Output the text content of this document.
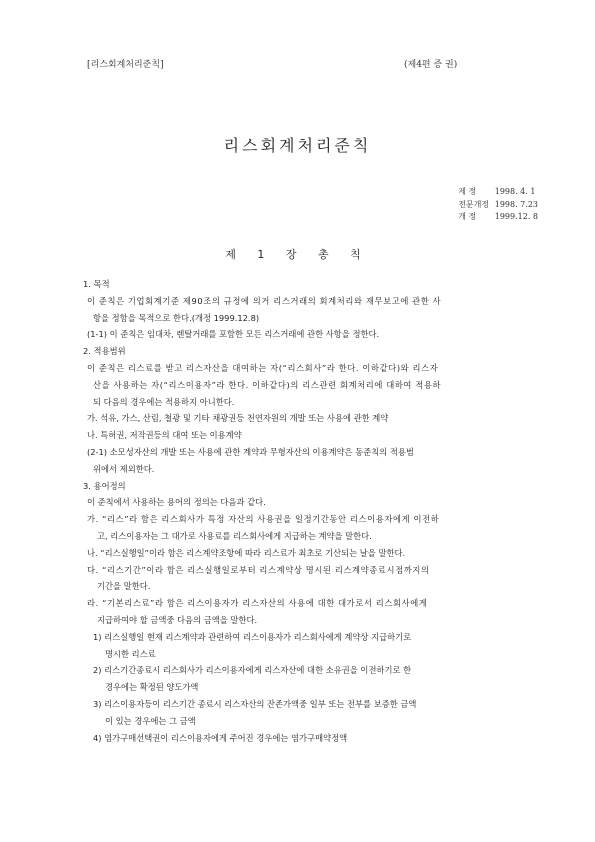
[리스회계처리준칙]	(제4편 증 권)
리스회계처리준칙
제 정 1998. 4. 1
전문개정 1998. 7.23
개 정 1999.12. 8
제 1 장 총 칙
1. 목적
이 준칙은 기업회계기준 제90조의 규정에 의거 리스거래의 회계처리와 재무보고에 관한 사
항을 정함을 목적으로 한다.(개정 1999.12.8)
(1-1) 이 준칙은 임대차, 렌탈거래를 포함한 모든 리스거래에 관한 사항을 정한다.
2. 적용범위
이 준칙은 리스료를 받고 리스자산을 대여하는 자(“리스회사”라 한다. 이하같다)와 리스자
산을 사용하는 자(“리스이용자”라 한다. 이하같다)의 리스관련 회계처리에 대하여 적용하
되 다음의 경우에는 적용하지 아니한다.
가. 석유, 가스, 산림, 철광 및 기타 채광권등 천연자원의 개발 또는 사용에 관한 계약
나. 특허권, 저작권등의 대여 또는 이용계약
(2-1) 소모성자산의 개발 또는 사용에 관한 계약과 무형자산의 이용계약은 동준칙의 적용범
위에서 제외한다.
3. 용어정의
이 준칙에서 사용하는 용어의 정의는 다음과 같다.
가. “리스”라 함은 리스회사가 특정 자산의 사용권을 일정기간동안 리스이용자에게 이전하
고, 리스이용자는 그 대가로 사용료를 리스회사에게 지급하는 계약을 말한다.
나. “리스실행일”이라 함은 리스계약조항에 따라 리스료가 최초로 기산되는 날을 말한다.
다. “리스기간”이라 함은 리스실행일로부터 리스계약상 명시된 리스계약종료시점까지의
기간을 말한다.
라. “기본리스료”라 함은 리스이용자가 리스자산의 사용에 대한 대가로서 리스회사에게
지급하여야 할 금액중 다음의 금액을 말한다.
1) 리스실행일 현재 리스계약과 관련하여 리스이용자가 리스회사에게 계약상 지급하기로
명시한 리스료
2) 리스기간종료시 리스회사가 리스이용자에게 리스자산에 대한 소유권을 이전하기로 한
경우에는 확정된 양도가액
3) 리스이용자등이 리스기간 종료시 리스자산의 잔존가액중 일부 또는 전부를 보증한 금액
이 있는 경우에는 그 금액
4) 염가구매선택권이 리스이용자에게 주어진 경우에는 염가구매약정액
